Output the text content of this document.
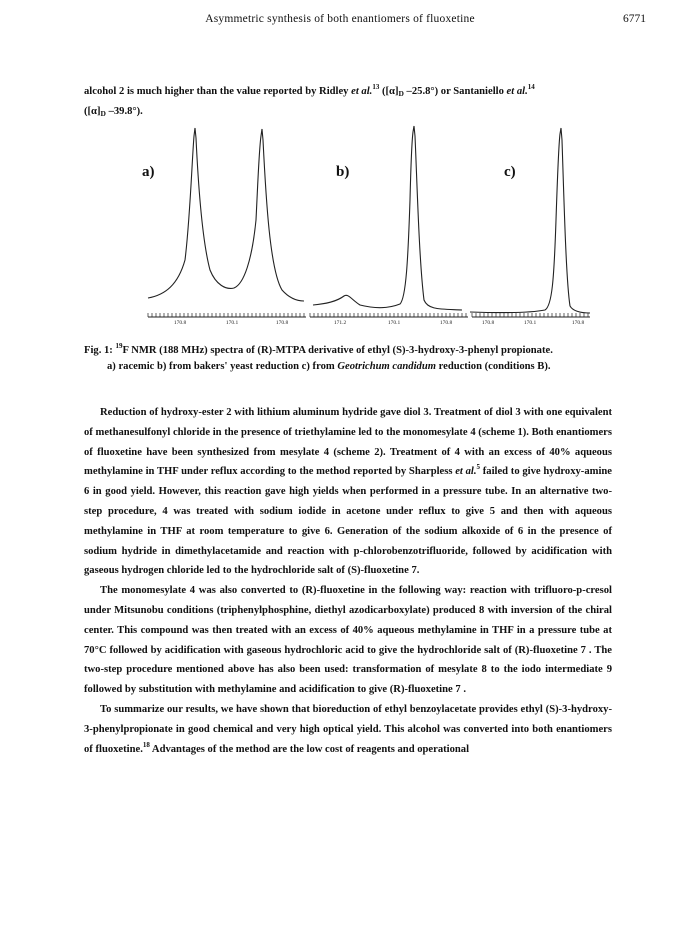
Asymmetric synthesis of both enantiomers of fluoxetine	6771

alcohol 2 is much higher than the value reported by Ridley et al.$^{13}$ ($[\alpha]_D$ –25.8°) or Santaniello et al.$^{14}$
($[\alpha]_D$ –39.8°).

a)	b)	c)
170.8	170.1	170.8	171.2	170.1	170.8	170.8	170.1	170.8
Fig. 1: $^{19}$F NMR (188 MHz) spectra of (R)-MTPA derivative of ethyl (S)-3-hydroxy-3-phenyl propionate.
a) racemic b) from bakers' yeast reduction c) from Geotrichum candidum reduction (conditions B).

Reduction of hydroxy-ester 2 with lithium aluminum hydride gave diol 3. Treatment of diol 3 with one equivalent of methanesulfonyl chloride in the presence of triethylamine led to the monomesylate 4 (scheme 1). Both enantiomers of fluoxetine have been synthesized from mesylate 4 (scheme 2). Treatment of 4 with an excess of 40% aqueous methylamine in THF under reflux according to the method reported by Sharpless et al.$^5$ failed to give hydroxy-amine 6 in good yield. However, this reaction gave high yields when performed in a pressure tube. In an alternative two-step procedure, 4 was treated with sodium iodide in acetone under reflux to give 5 and then with aqueous methylamine in THF at room temperature to give 6. Generation of the sodium alkoxide of 6 in the presence of sodium hydride in dimethylacetamide and reaction with p-chlorobenzotrifluoride, followed by acidification with gaseous hydrogen chloride led to the hydrochloride salt of (S)-fluoxetine 7.

The monomesylate 4 was also converted to (R)-fluoxetine in the following way: reaction with trifluoro-p-cresol under Mitsunobu conditions (triphenylphosphine, diethyl azodicarboxylate) produced 8 with inversion of the chiral center. This compound was then treated with an excess of 40% aqueous methylamine in THF in a pressure tube at 70°C followed by acidification with gaseous hydrochloric acid to give the hydrochloride salt of (R)-fluoxetine 7 . The two-step procedure mentioned above has also been used: transformation of mesylate 8 to the iodo intermediate 9 followed by substitution with methylamine and acidification to give (R)-fluoxetine 7 .

To summarize our results, we have shown that bioreduction of ethyl benzoylacetate provides ethyl (S)-3-hydroxy-3-phenylpropionate in good chemical and very high optical yield. This alcohol was converted into both enantiomers of fluoxetine.$^{18}$ Advantages of the method are the low cost of reagents and operational
